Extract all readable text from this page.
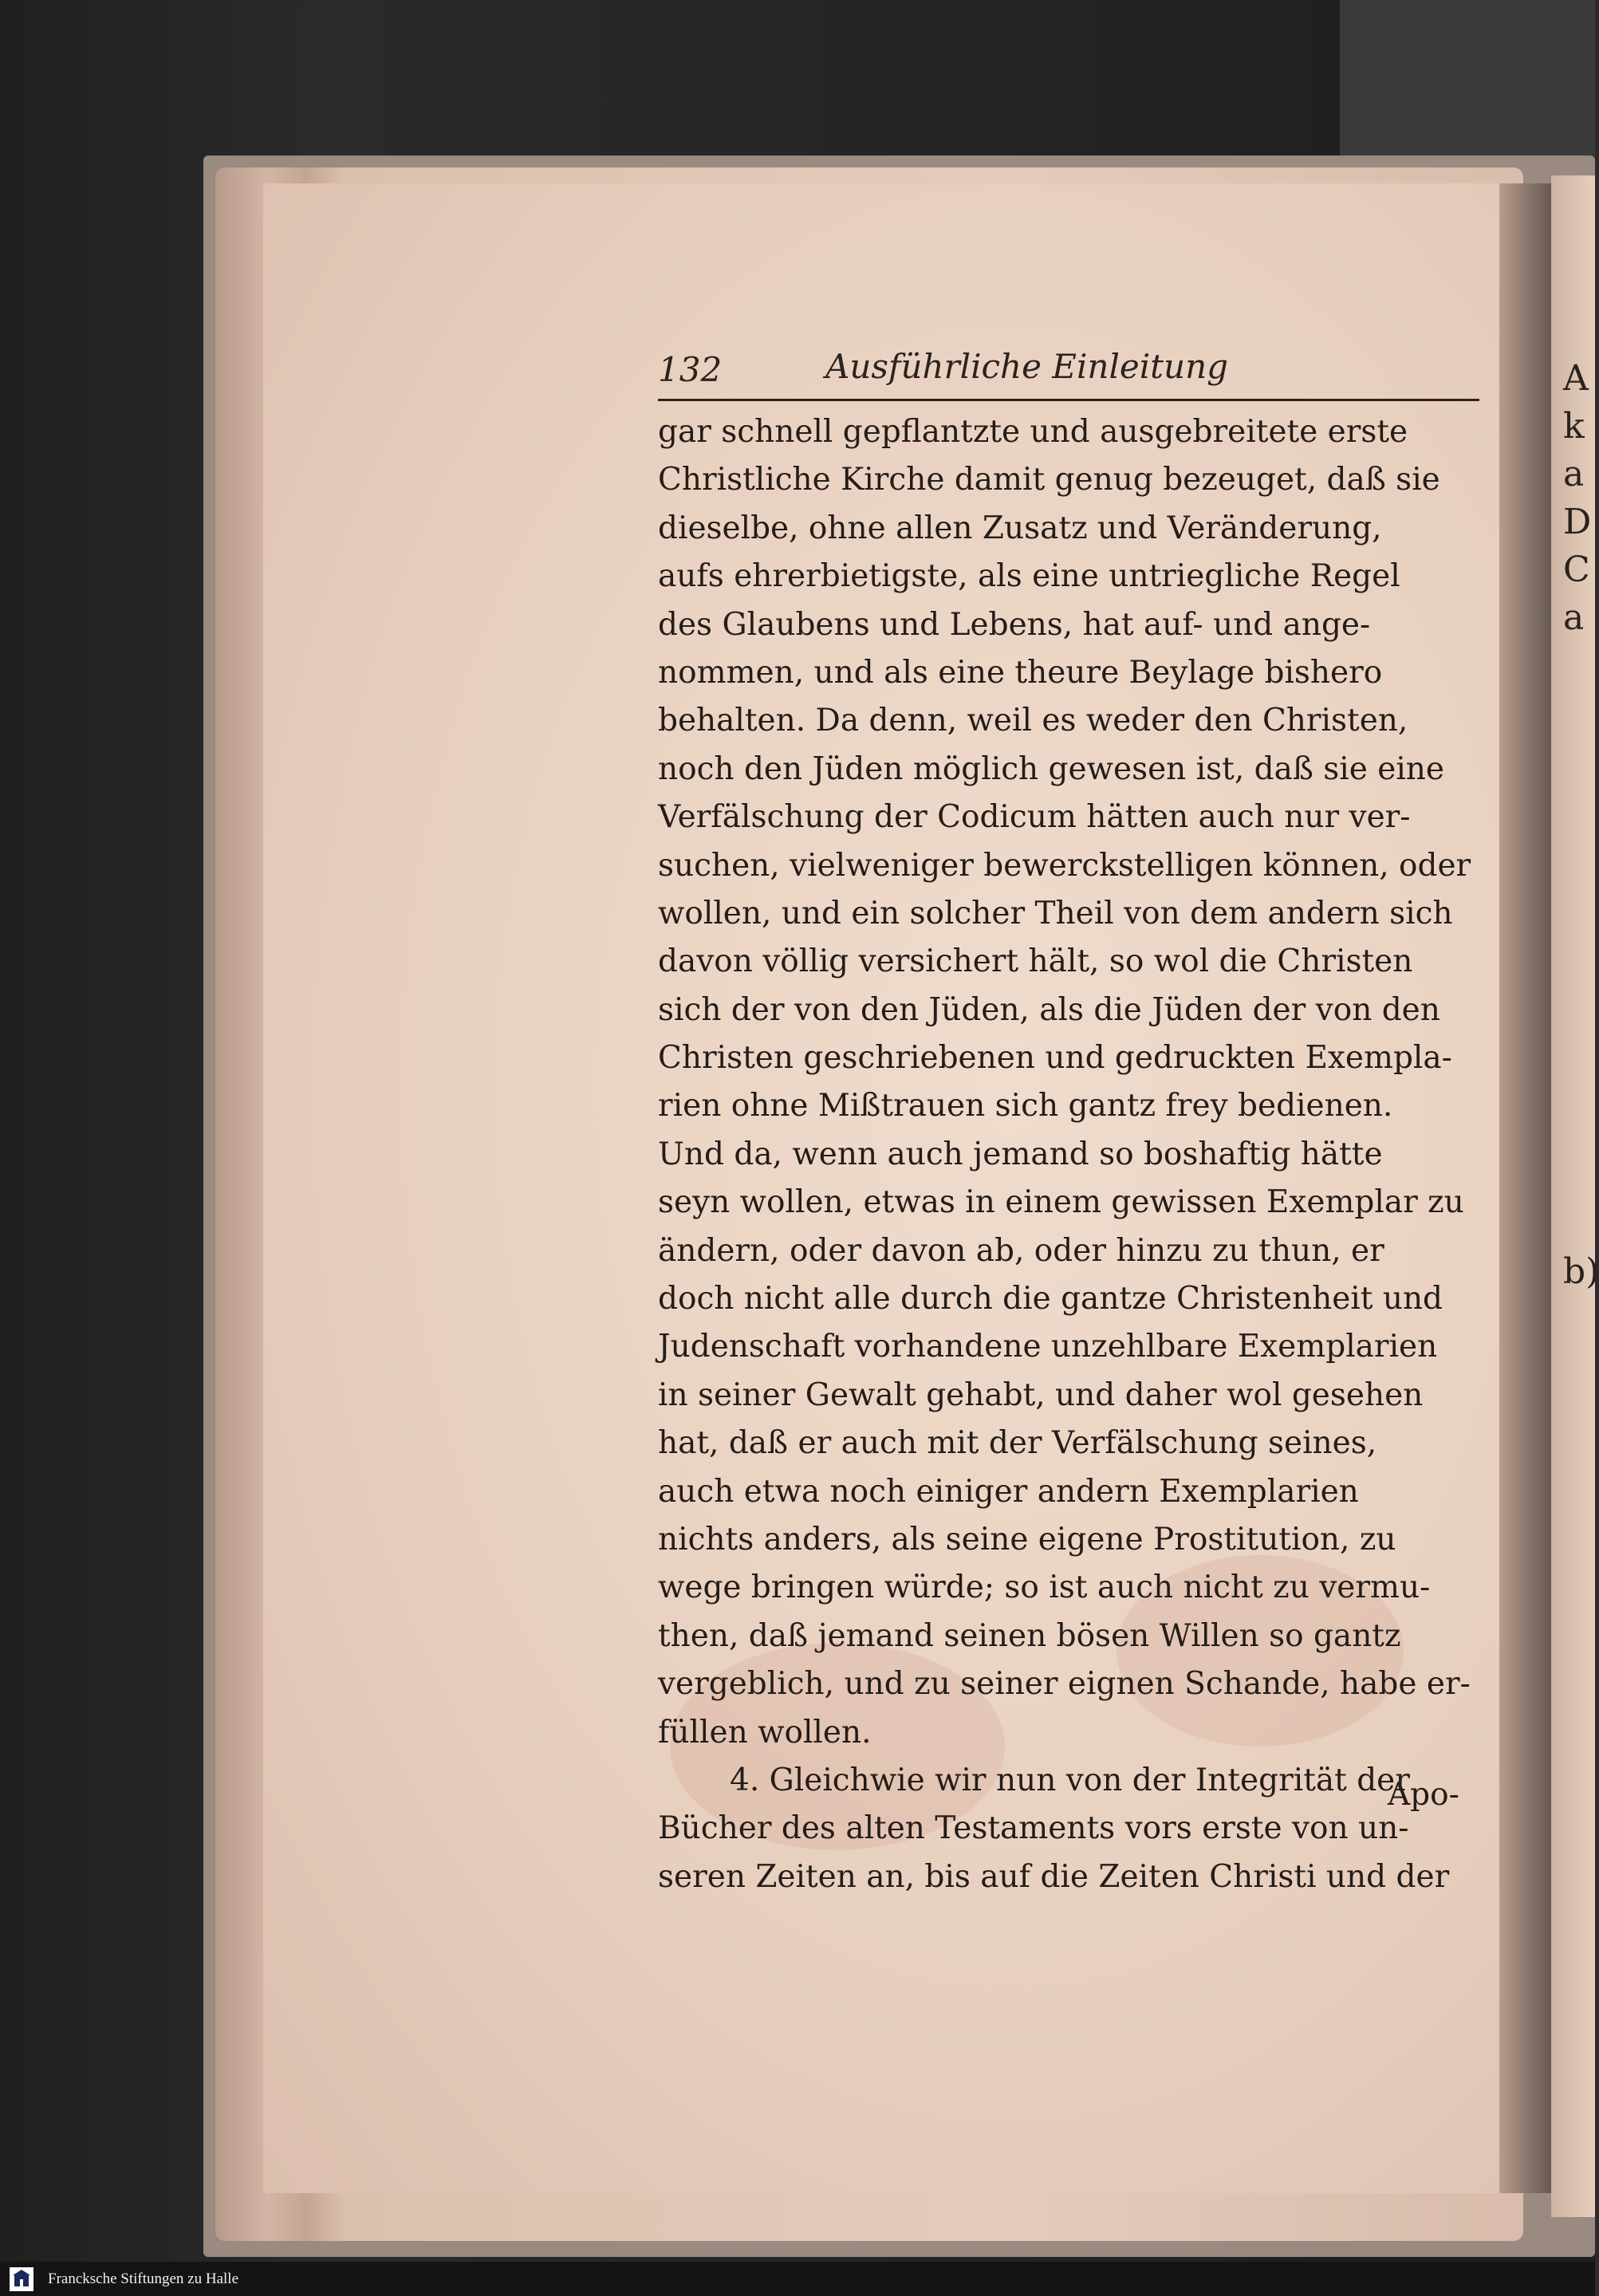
A
k
a
D
C
a
b)
132	Ausführliche Einleitung
gar schnell gepflantzte und ausgebreitete erste
Christliche Kirche damit genug bezeuget, daß sie
dieselbe, ohne allen Zusatz und Veränderung,
aufs ehrerbietigste, als eine untriegliche Regel
des Glaubens und Lebens, hat auf- und ange-
nommen, und als eine theure Beylage bishero
behalten. Da denn, weil es weder den Christen,
noch den Jüden möglich gewesen ist, daß sie eine
Verfälschung der Codicum hätten auch nur ver-
suchen, vielweniger bewerckstelligen können, oder
wollen, und ein solcher Theil von dem andern sich
davon völlig versichert hält, so wol die Christen
sich der von den Jüden, als die Jüden der von den
Christen geschriebenen und gedruckten Exempla-
rien ohne Mißtrauen sich gantz frey bedienen.
Und da, wenn auch jemand so boshaftig hätte
seyn wollen, etwas in einem gewissen Exemplar zu
ändern, oder davon ab, oder hinzu zu thun, er
doch nicht alle durch die gantze Christenheit und
Judenschaft vorhandene unzehlbare Exemplarien
in seiner Gewalt gehabt, und daher wol gesehen
hat, daß er auch mit der Verfälschung seines,
auch etwa noch einiger andern Exemplarien
nichts anders, als seine eigene Prostitution, zu
wege bringen würde; so ist auch nicht zu vermu-
then, daß jemand seinen bösen Willen so gantz
vergeblich, und zu seiner eignen Schande, habe er-
füllen wollen.
4. Gleichwie wir nun von der Integrität der
Bücher des alten Testaments vors erste von un-
seren Zeiten an, bis auf die Zeiten Christi und der
Apo-
Francksche Stiftungen zu Halle
